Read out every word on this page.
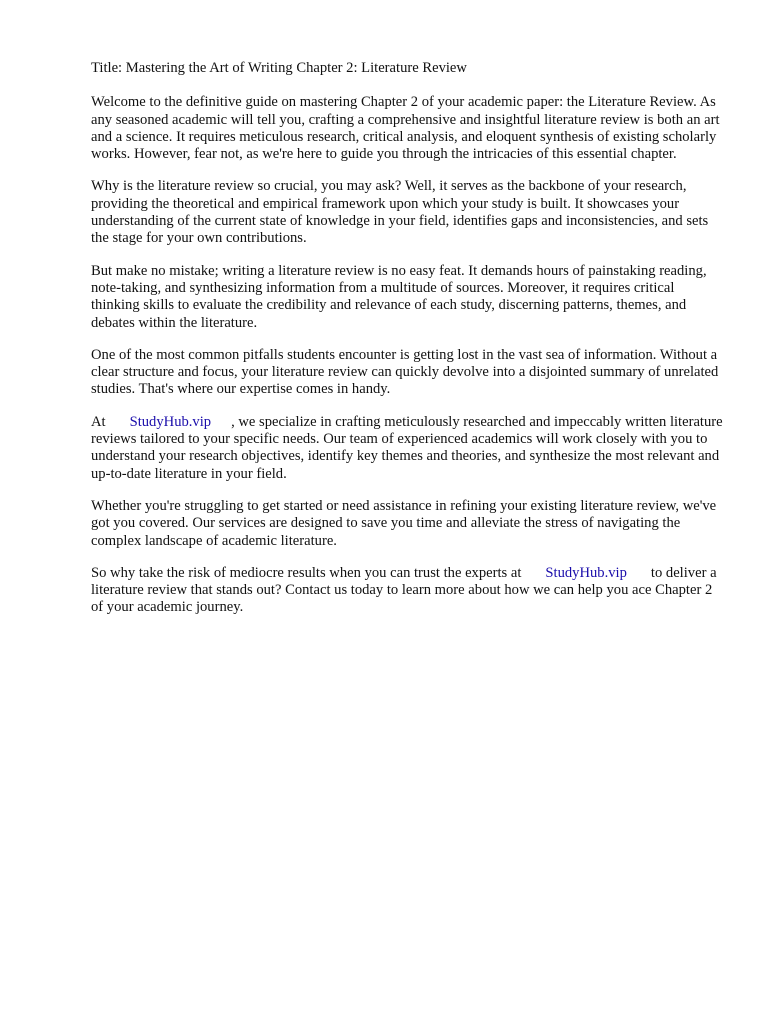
Title: Mastering the Art of Writing Chapter 2: Literature Review

Welcome to the definitive guide on mastering Chapter 2 of your academic paper: the Literature Review. As any seasoned academic will tell you, crafting a comprehensive and insightful literature review is both an art and a science. It requires meticulous research, critical analysis, and eloquent synthesis of existing scholarly works. However, fear not, as we're here to guide you through the intricacies of this essential chapter.

Why is the literature review so crucial, you may ask? Well, it serves as the backbone of your research, providing the theoretical and empirical framework upon which your study is built. It showcases your understanding of the current state of knowledge in your field, identifies gaps and inconsistencies, and sets the stage for your own contributions.

But make no mistake; writing a literature review is no easy feat. It demands hours of painstaking reading, note-taking, and synthesizing information from a multitude of sources. Moreover, it requires critical thinking skills to evaluate the credibility and relevance of each study, discerning patterns, themes, and debates within the literature.

One of the most common pitfalls students encounter is getting lost in the vast sea of information. Without a clear structure and focus, your literature review can quickly devolve into a disjointed summary of unrelated studies. That's where our expertise comes in handy.

At StudyHub.vip , we specialize in crafting meticulously researched and impeccably written literature reviews tailored to your specific needs. Our team of experienced academics will work closely with you to understand your research objectives, identify key themes and theories, and synthesize the most relevant and up-to-date literature in your field.

Whether you're struggling to get started or need assistance in refining your existing literature review, we've got you covered. Our services are designed to save you time and alleviate the stress of navigating the complex landscape of academic literature.

So why take the risk of mediocre results when you can trust the experts at StudyHub.vip to deliver a literature review that stands out? Contact us today to learn more about how we can help you ace Chapter 2 of your academic journey.
